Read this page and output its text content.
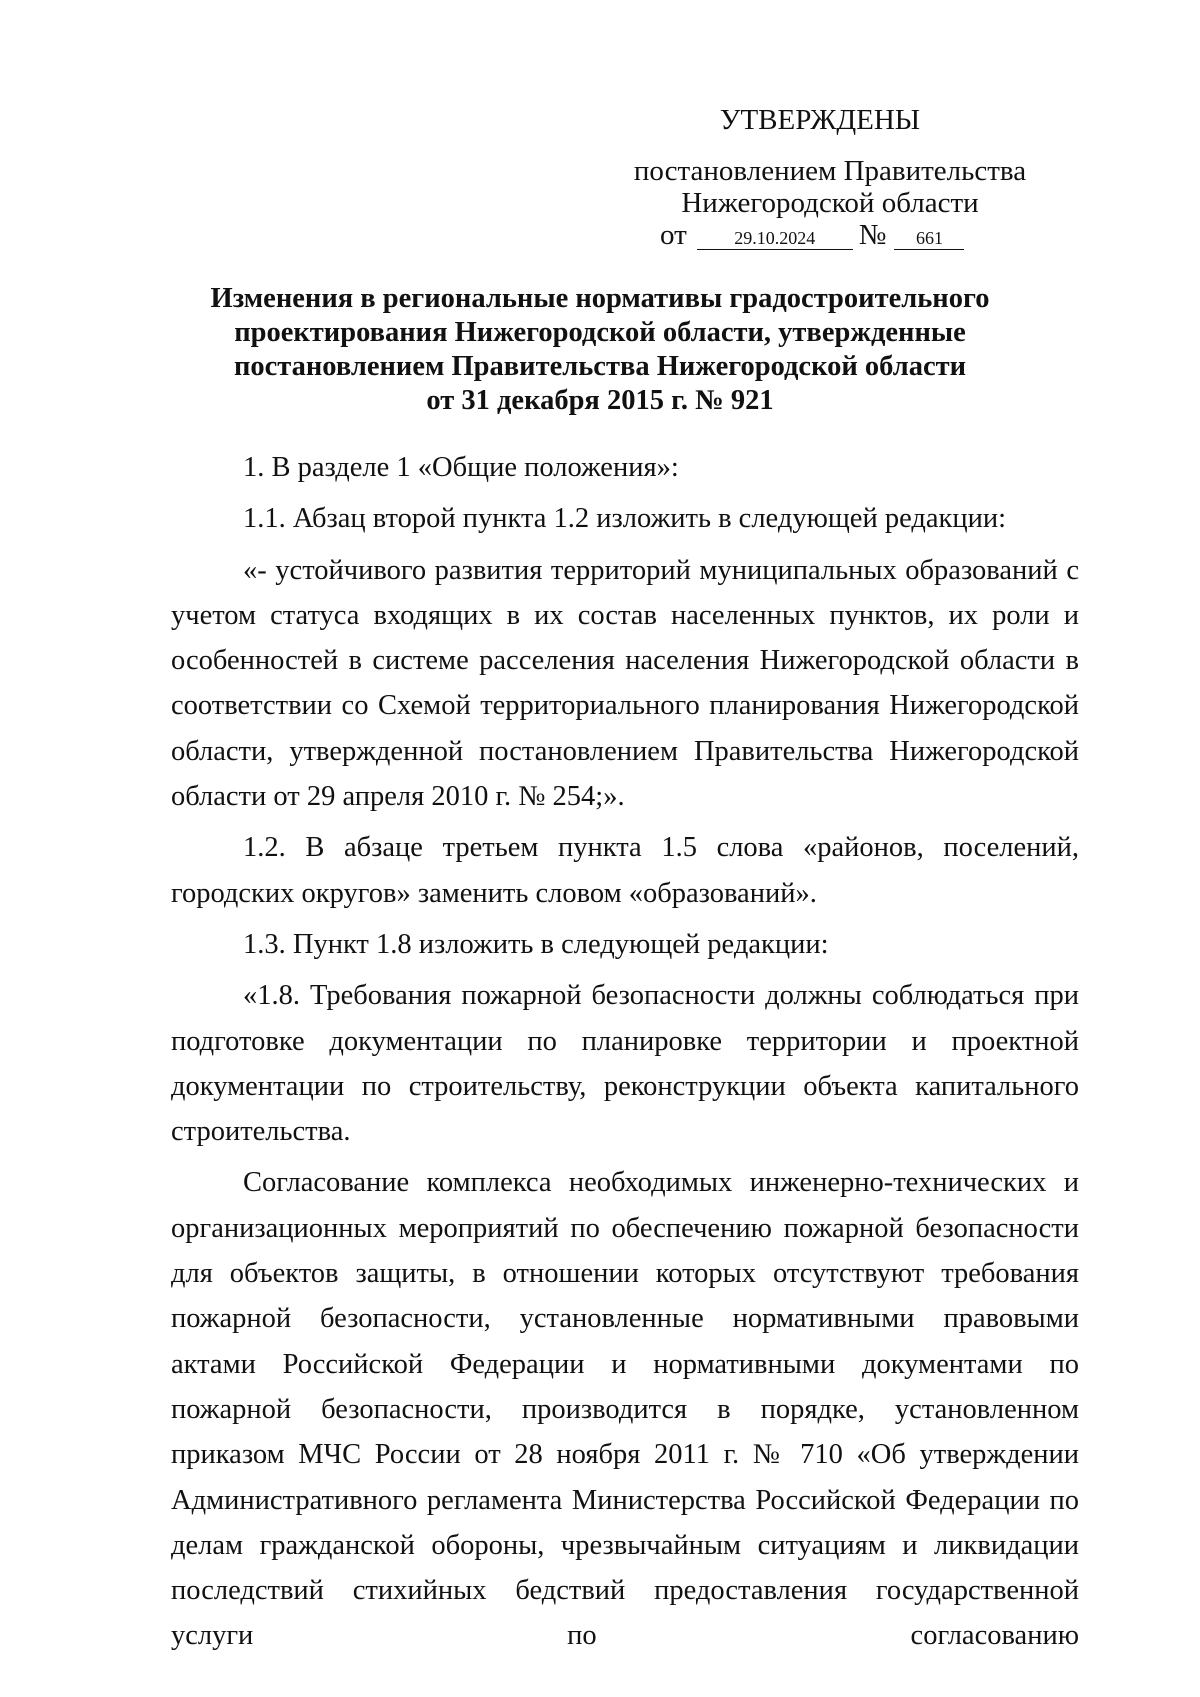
УТВЕРЖДЕНЫ
постановлением Правительства
Нижегородской области
от	29.10.2024	№	661
Изменения в региональные нормативы градостроительного
проектирования Нижегородской области, утвержденные
постановлением Правительства Нижегородской области
от 31 декабря 2015 г. № 921

1. В разделе 1 «Общие положения»:

1.1. Абзац второй пункта 1.2 изложить в следующей редакции:

«- устойчивого развития территорий муниципальных образований с учетом статуса входящих в их состав населенных пунктов, их роли и особенностей в системе расселения населения Нижегородской области в соответствии со Схемой территориального планирования Нижегородской области, утвержденной постановлением Правительства Нижегородской области от 29 апреля 2010 г. № 254;».

1.2. В абзаце третьем пункта 1.5 слова «районов, поселений, городских округов» заменить словом «образований».

1.3. Пункт 1.8 изложить в следующей редакции:

«1.8. Требования пожарной безопасности должны соблюдаться при подготовке документации по планировке территории и проектной документации по строительству, реконструкции объекта капитального строительства.

Согласование комплекса необходимых инженерно-технических и организационных мероприятий по обеспечению пожарной безопасности для объектов защиты, в отношении которых отсутствуют требования пожарной безопасности, установленные нормативными правовыми актами Российской Федерации и нормативными документами по пожарной безопасности, производится в порядке, установленном приказом МЧС России от 28 ноября 2011 г. № 710 «Об утверждении Административного регламента Министерства Российской Федерации по делам гражданской обороны, чрезвычайным ситуациям и ликвидации последствий стихийных бедствий предоставления государственной услуги по согласованию
